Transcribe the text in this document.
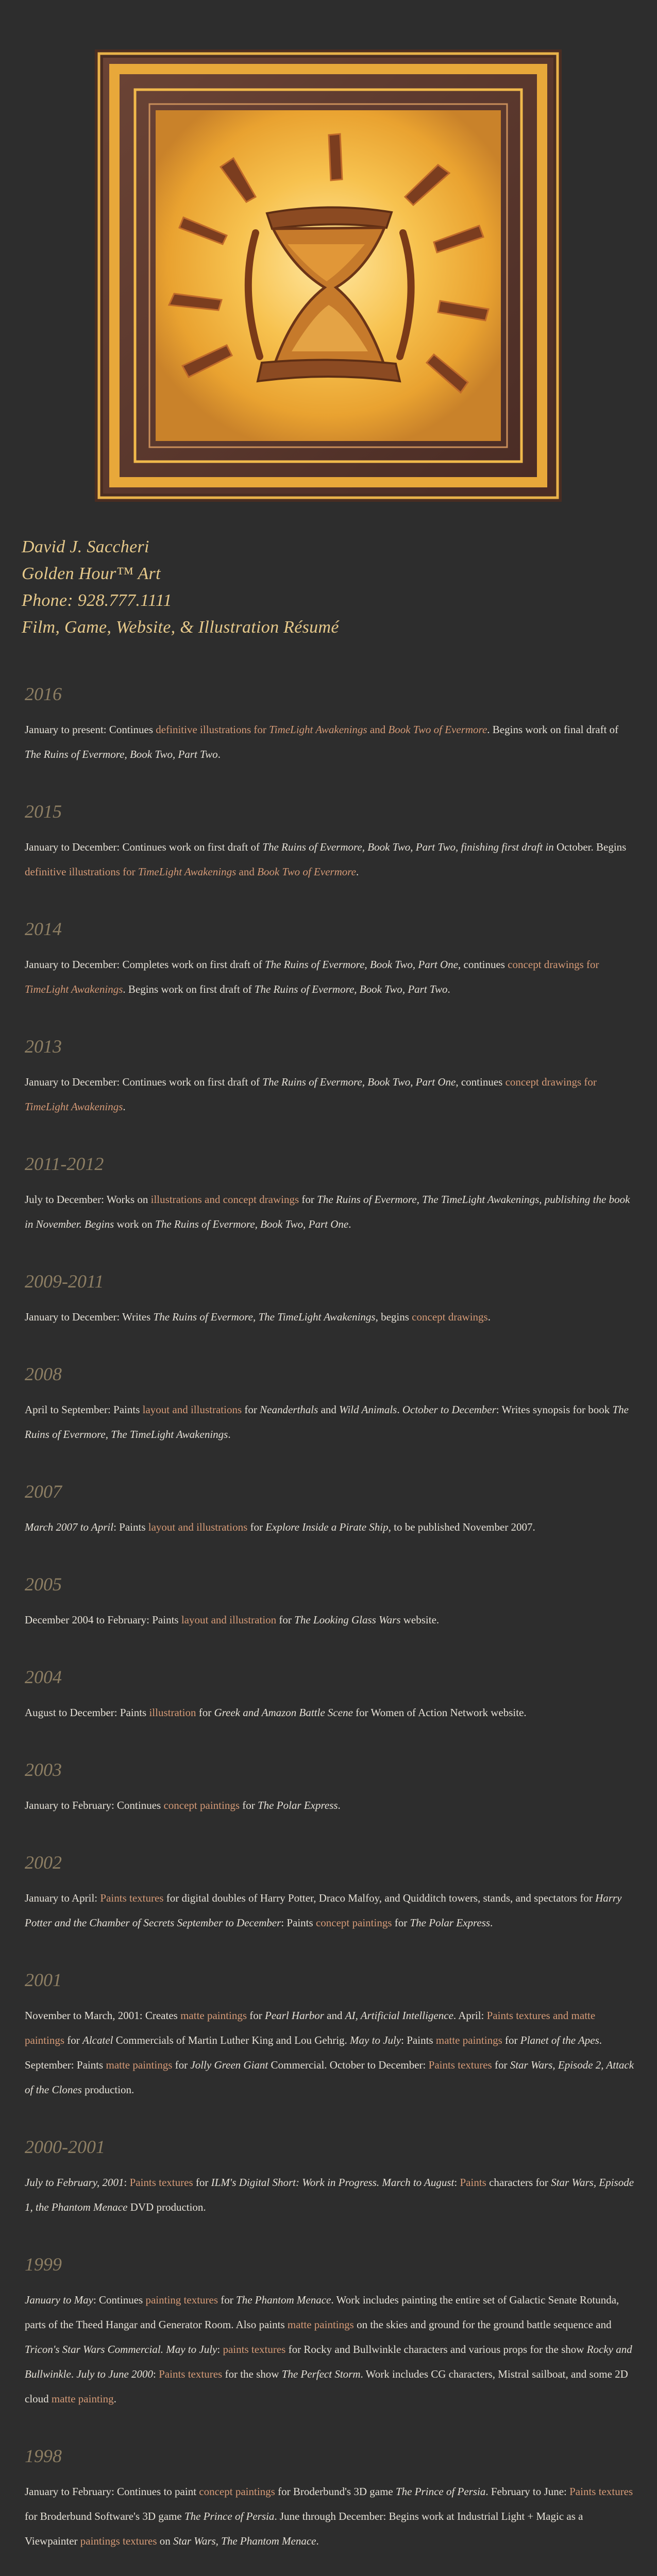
David J. Saccheri
Golden Hour™ Art
Phone: 928.777.1111
Film, Game, Website, & Illustration Résumé
2016

January to present: Continues definitive illustrations for TimeLight Awakenings and Book Two of Evermore. Begins work on final draft of The Ruins of Evermore, Book Two, Part Two.

2015

January to December: Continues work on first draft of The Ruins of Evermore, Book Two, Part Two, finishing first draft in October. Begins definitive illustrations for TimeLight Awakenings and Book Two of Evermore.

2014

January to December: Completes work on first draft of The Ruins of Evermore, Book Two, Part One, continues concept drawings for TimeLight Awakenings. Begins work on first draft of The Ruins of Evermore, Book Two, Part Two.

2013

January to December: Continues work on first draft of The Ruins of Evermore, Book Two, Part One, continues concept drawings for TimeLight Awakenings.

2011-2012

July to December: Works on illustrations and concept drawings for The Ruins of Evermore, The TimeLight Awakenings, publishing the book in November. Begins work on The Ruins of Evermore, Book Two, Part One.

2009-2011

January to December: Writes The Ruins of Evermore, The TimeLight Awakenings, begins concept drawings.

2008

April to September: Paints layout and illustrations for Neanderthals and Wild Animals. October to December: Writes synopsis for book The Ruins of Evermore, The TimeLight Awakenings.

2007

March 2007 to April: Paints layout and illustrations for Explore Inside a Pirate Ship, to be published November 2007.

2005

December 2004 to February: Paints layout and illustration for The Looking Glass Wars website.

2004

August to December: Paints illustration for Greek and Amazon Battle Scene for Women of Action Network website.

2003

January to February: Continues concept paintings for The Polar Express.

2002

January to April: Paints textures for digital doubles of Harry Potter, Draco Malfoy, and Quidditch towers, stands, and spectators for Harry Potter and the Chamber of Secrets September to December: Paints concept paintings for The Polar Express.

2001

November to March, 2001: Creates matte paintings for Pearl Harbor and AI, Artificial Intelligence. April: Paints textures and matte paintings for Alcatel Commercials of Martin Luther King and Lou Gehrig. May to July: Paints matte paintings for Planet of the Apes. September: Paints matte paintings for Jolly Green Giant Commercial. October to December: Paints textures for Star Wars, Episode 2, Attack of the Clones production.

2000-2001

July to February, 2001: Paints textures for ILM's Digital Short: Work in Progress. March to August: Paints characters for Star Wars, Episode 1, the Phantom Menace DVD production.

1999

January to May: Continues painting textures for The Phantom Menace. Work includes painting the entire set of Galactic Senate Rotunda, parts of the Theed Hangar and Generator Room. Also paints matte paintings on the skies and ground for the ground battle sequence and Tricon's Star Wars Commercial. May to July: paints textures for Rocky and Bullwinkle characters and various props for the show Rocky and Bullwinkle. July to June 2000: Paints textures for the show The Perfect Storm. Work includes CG characters, Mistral sailboat, and some 2D cloud matte painting.

1998

January to February: Continues to paint concept paintings for Broderbund's 3D game The Prince of Persia. February to June: Paints textures for Broderbund Software's 3D game The Prince of Persia. June through December: Begins work at Industrial Light + Magic as a Viewpainter paintings textures on Star Wars, The Phantom Menace.
